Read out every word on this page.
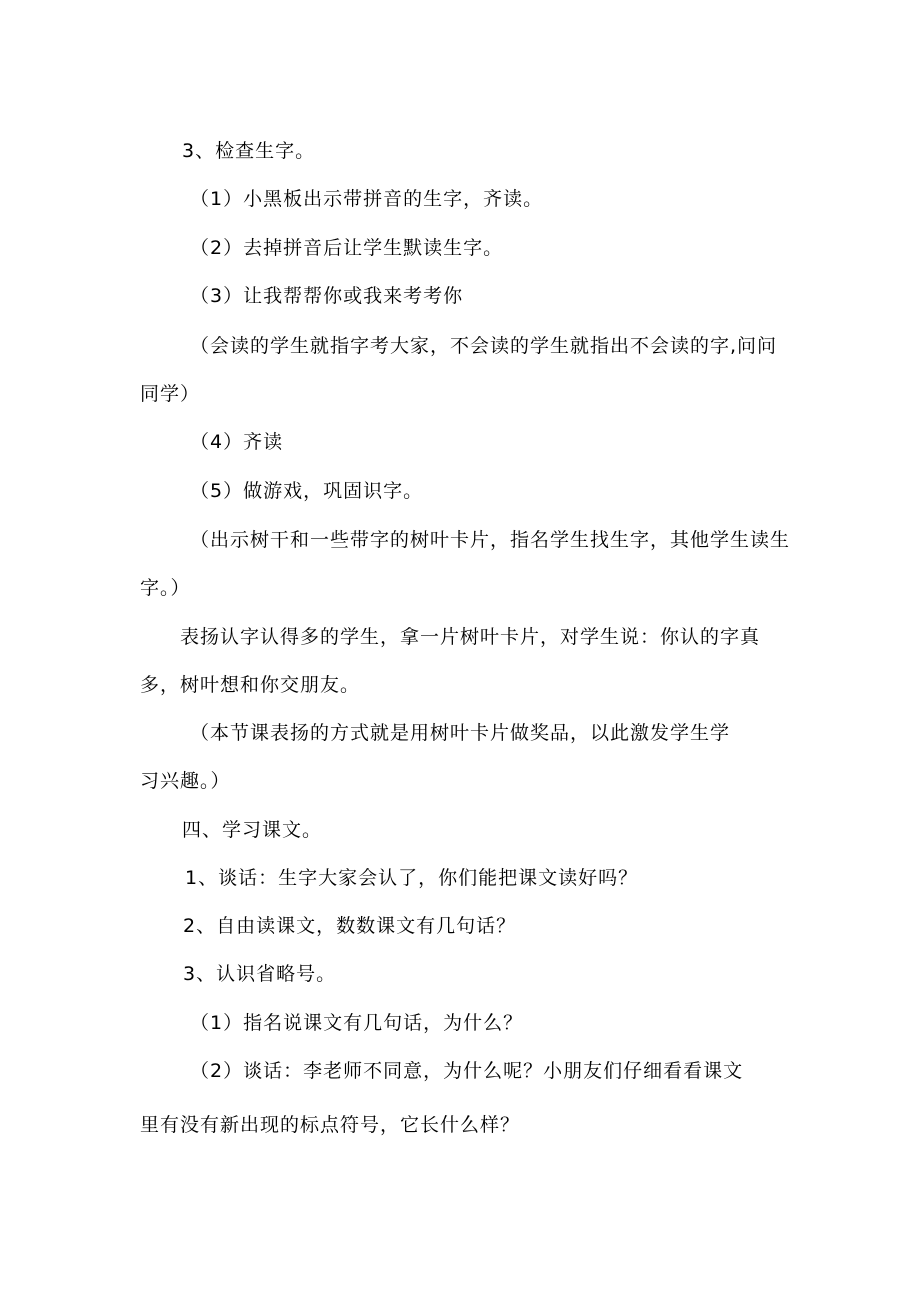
3、检查生字。
（1）小黑板出示带拼音的生字，齐读。
（2）去掉拼音后让学生默读生字。
（3）让我帮帮你或我来考考你
（会读的学生就指字考大家，不会读的学生就指出不会读的字,问问
同学）
（4）齐读
（5）做游戏，巩固识字。
（出示树干和一些带字的树叶卡片，指名学生找生字，其他学生读生
字。）
表扬认字认得多的学生，拿一片树叶卡片，对学生说：你认的字真
多，树叶想和你交朋友。
（本节课表扬的方式就是用树叶卡片做奖品，以此激发学生学
习兴趣。）
四、学习课文。
1、谈话：生字大家会认了，你们能把课文读好吗？
2、自由读课文，数数课文有几句话？
3、认识省略号。
（1）指名说课文有几句话，为什么？
（2）谈话：李老师不同意，为什么呢？小朋友们仔细看看课文
里有没有新出现的标点符号，它长什么样？
